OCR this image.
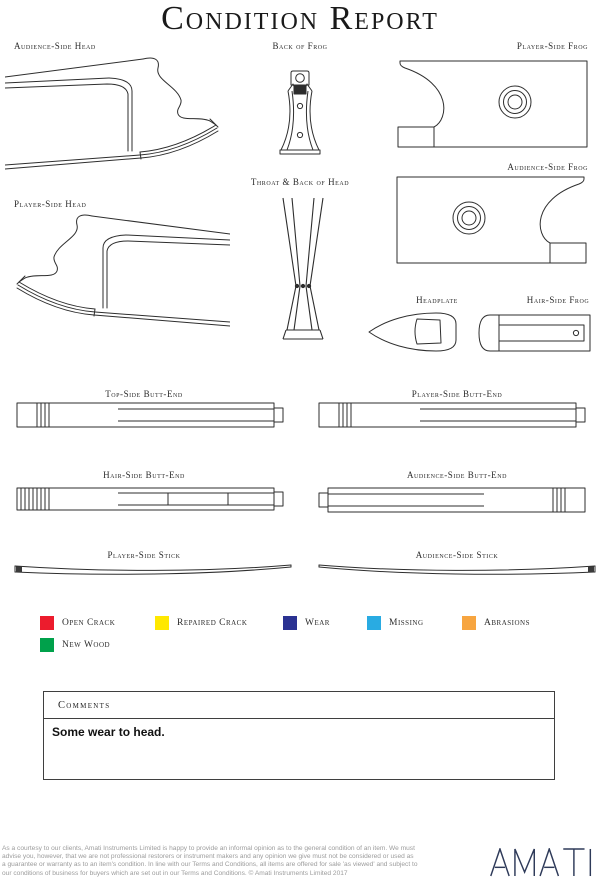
Condition Report
Audience-Side Head	Back of Frog	Player-Side Frog
Audience-Side Frog
Player-Side Head
Throat & Back of Head
Headplate	Hair-Side Frog
Top-Side Butt-End	Player-Side Butt-End
Hair-Side Butt-End	Audience-Side Butt-End
Player-Side Stick	Audience-Side Stick
Open Crack	Repaired Crack	Wear	Missing	Abrasions
New Wood
Comments
Some wear to head.
As a courtesy to our clients, Amati Instruments Limited is happy to provide an informal opinion as to the general condition of an item. We must
advise you, however, that we are not professional restorers or instrument makers and any opinion we give must not be considered or used as
a guarantee or warranty as to an item's condition. In line with our Terms and Conditions, all items are offered for sale 'as viewed' and subject to
our conditions of business for buyers which are set out in our Terms and Conditions. © Amati Instruments Limited 2017
